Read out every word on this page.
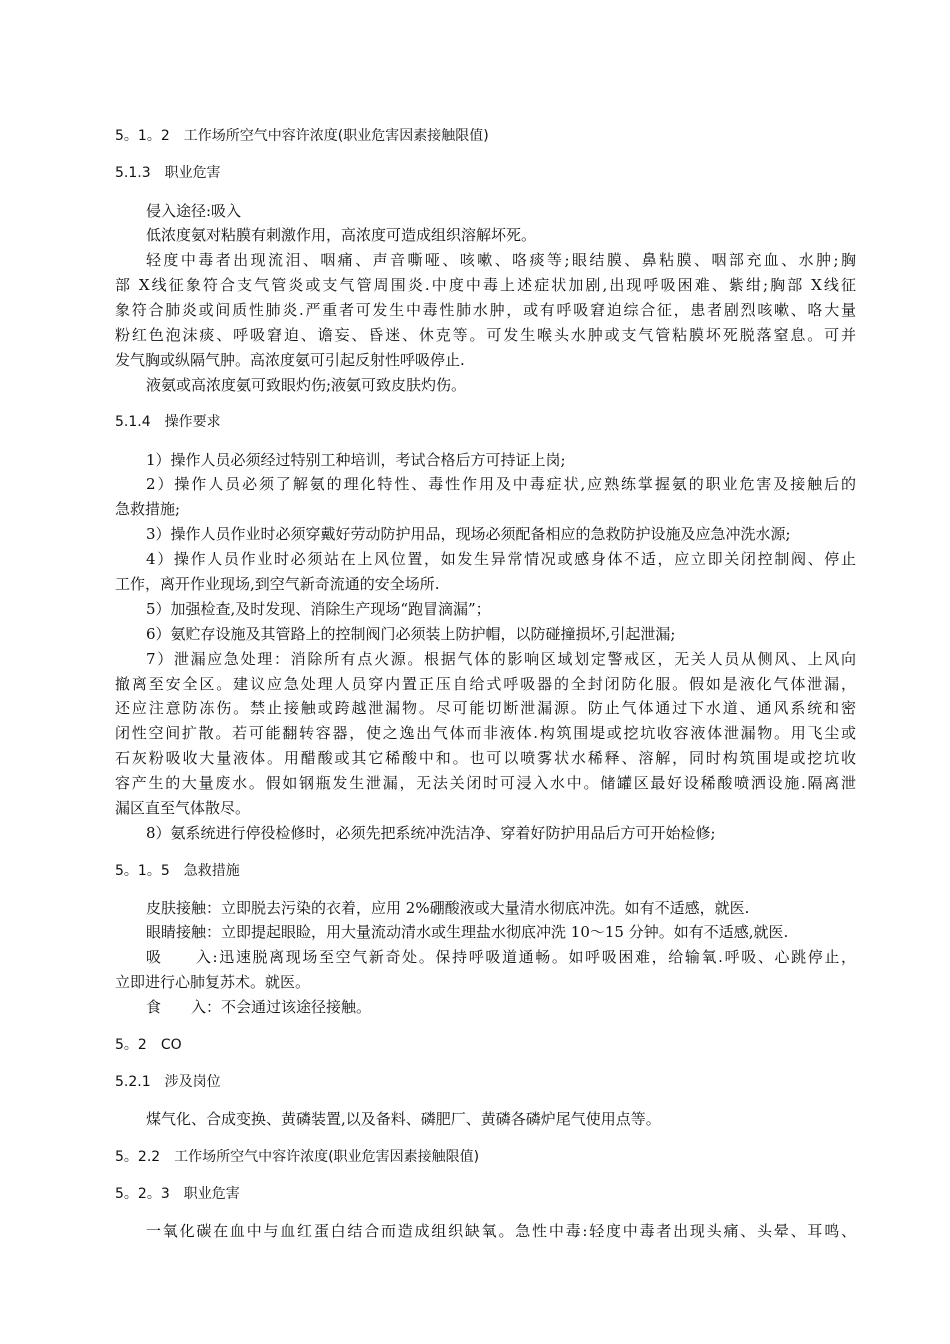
5。1。2 工作场所空气中容许浓度(职业危害因素接触限值)
5.1.3 职业危害
侵入途径:吸入
低浓度氨对粘膜有刺激作用，高浓度可造成组织溶解坏死。
轻度中毒者出现流泪、咽痛、声音嘶哑、咳嗽、咯痰等;眼结膜、鼻粘膜、咽部充血、水肿;胸
部 X线征象符合支气管炎或支气管周围炎.中度中毒上述症状加剧,出现呼吸困难、紫绀;胸部 X线征
象符合肺炎或间质性肺炎.严重者可发生中毒性肺水肿，或有呼吸窘迫综合征，患者剧烈咳嗽、咯大量
粉红色泡沫痰、呼吸窘迫、谵妄、昏迷、休克等。可发生喉头水肿或支气管粘膜坏死脱落窒息。可并
发气胸或纵隔气肿。高浓度氨可引起反射性呼吸停止.
液氨或高浓度氨可致眼灼伤;液氨可致皮肤灼伤。
5.1.4 操作要求
1）操作人员必须经过特别工种培训，考试合格后方可持证上岗;
2）操作人员必须了解氨的理化特性、毒性作用及中毒症状,应熟练掌握氨的职业危害及接触后的
急救措施;
3）操作人员作业时必须穿戴好劳动防护用品，现场必须配备相应的急救防护设施及应急冲洗水源;
4）操作人员作业时必须站在上风位置，如发生异常情况或感身体不适，应立即关闭控制阀、停止
工作，离开作业现场,到空气新奇流通的安全场所.
5）加强检查,及时发现、消除生产现场“跑冒滴漏”；
6）氨贮存设施及其管路上的控制阀门必须装上防护帽，以防碰撞损坏,引起泄漏;
7）泄漏应急处理：消除所有点火源。根据气体的影响区域划定警戒区，无关人员从侧风、上风向
撤离至安全区。建议应急处理人员穿内置正压自给式呼吸器的全封闭防化服。假如是液化气体泄漏，
还应注意防冻伤。禁止接触或跨越泄漏物。尽可能切断泄漏源。防止气体通过下水道、通风系统和密
闭性空间扩散。若可能翻转容器，使之逸出气体而非液体.构筑围堤或挖坑收容液体泄漏物。用飞尘或
石灰粉吸收大量液体。用醋酸或其它稀酸中和。也可以喷雾状水稀释、溶解，同时构筑围堤或挖坑收
容产生的大量废水。假如钢瓶发生泄漏，无法关闭时可浸入水中。储罐区最好设稀酸喷洒设施.隔离泄
漏区直至气体散尽。
8）氨系统进行停役检修时，必须先把系统冲洗洁净、穿着好防护用品后方可开始检修;
5。1。5 急救措施
皮肤接触：立即脱去污染的衣着，应用 2%硼酸液或大量清水彻底冲洗。如有不适感，就医.
眼睛接触：立即提起眼睑，用大量流动清水或生理盐水彻底冲洗 10～15 分钟。如有不适感,就医.
吸　　入:迅速脱离现场至空气新奇处。保持呼吸道通畅。如呼吸困难，给输氧.呼吸、心跳停止，
立即进行心肺复苏术。就医。
食　　入：不会通过该途径接触。
5。2 CO
5.2.1 涉及岗位
煤气化、合成变换、黄磷装置,以及备料、磷肥厂、黄磷各磷炉尾气使用点等。
5。2.2 工作场所空气中容许浓度(职业危害因素接触限值)
5。2。3 职业危害
一氧化碳在血中与血红蛋白结合而造成组织缺氧。急性中毒:轻度中毒者出现头痛、头晕、耳鸣、
